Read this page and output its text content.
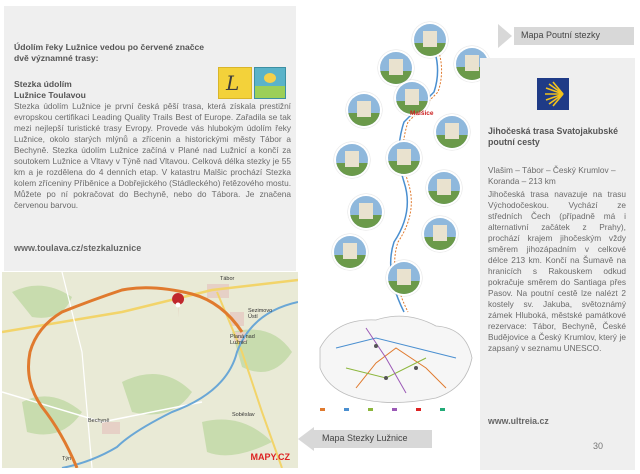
Údolím řeky Lužnice vedou po červené značce dvě významné trasy:
L
Stezka údolím
Lužnice Toulavou
Stezka údolím Lužnice je první česká pěší trasa, která získala prestižní evropskou certifikaci Leading Quality Trails Best of Europe. Zařadila se tak mezi nejlepší turistické trasy Evropy. Provede vás hlubokým údolím řeky Lužnice, okolo starých mlýnů a zřícenin a historickými městy Tábor a Bechyně. Stezka údolím Lužnice začíná v Plané nad Lužnicí a končí za soutokem Lužnice a Vltavy v Týně nad Vltavou. Celková délka stezky je 55 km a je rozdělena do 4 denních etap. V katastru Malšic prochází Stezka kolem zříceniny Příběnice a Dobřejického (Stádleckého) řetězového mostu. Můžete po ní pokračovat do Bechyně, nebo do Tábora. Je značena červenou barvou.
www.toulava.cz/stezkaluznice
Tábor
Sezimovo Ústí
Planá nad Lužnicí
Bechyně
Soběslav
Týn	MAPY.CZ
Mapa Poutní stezky
Mapa Stezky Lužnice
Malšice
Jihočeská trasa Svatojakubské poutní cesty
Vlašim – Tábor – Český Krumlov – Koranda – 213 km
Jihočeská trasa navazuje na trasu Východočeskou. Vychází ze středních Čech (případně má i alternativní začátek z Prahy), prochází krajem jihočeským vždy směrem jihozápadním v celkové délce 213 km. Končí na Šumavě na hranicích s Rakouskem odkud pokračuje směrem do Santiaga přes Pasov. Na poutní cestě lze nalézt 2 kostely sv. Jakuba, světoznámý zámek Hluboká, městské památkové rezervace: Tábor, Bechyně, České Budějovice a Český Krumlov, který je zapsaný v seznamu UNESCO.
www.ultreia.cz
30
